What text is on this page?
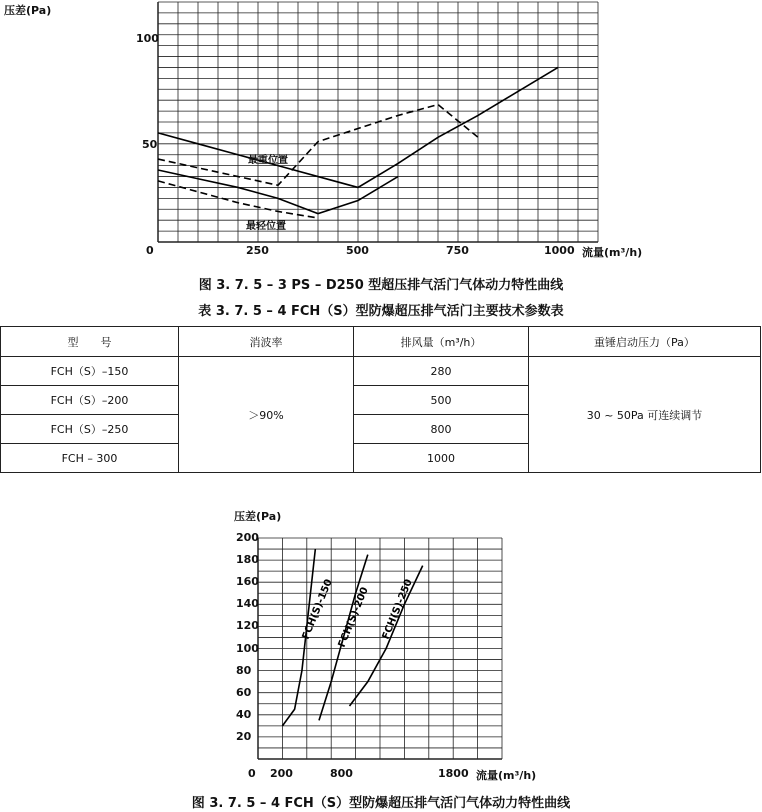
压差(Pa)
100
50
0	250	500	750	1000 流量(m³/h)
最重位置
最轻位置
图 3. 7. 5 – 3 PS – D250 型超压排气活门气体动力特性曲线
表 3. 7. 5 – 4 FCH（S）型防爆超压排气活门主要技术参数表
型　　号	消波率	排风量（m³/h）	重锤启动压力（Pa）
FCH（S）–150	＞90%	280	30 ~ 50Pa 可连续调节
FCH（S）–200		500	
FCH（S）–250		800	
FCH – 300		1000	
压差(Pa)
FCH(S)-150 FCH(S)-200 FCH(S)-250
200
180
160
140
120
100
80
60
40
20
0 200	800	1800 流量(m³/h)
图 3. 7. 5 – 4 FCH（S）型防爆超压排气活门气体动力特性曲线
